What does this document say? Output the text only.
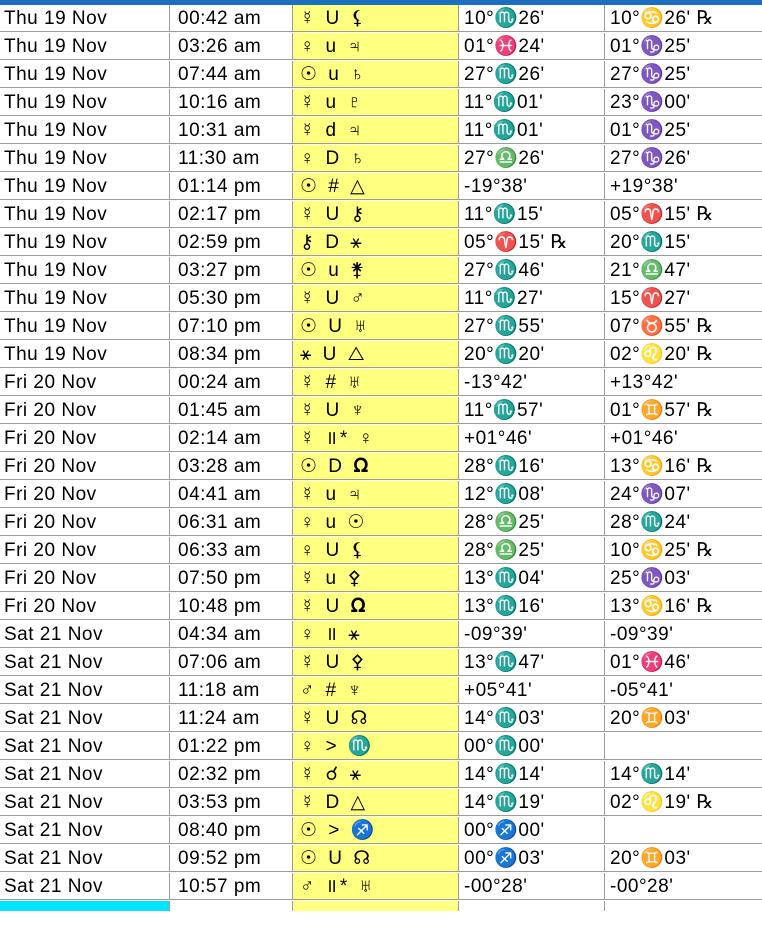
Thu 19 Nov	00:42 am	☿ U ⚸	10°♏26'	10°♋26' ℞
Thu 19 Nov	03:26 am	♀ u ♃	01°♓24'	01°♑25'
Thu 19 Nov	07:44 am	☉ u ♄	27°♏26'	27°♑25'
Thu 19 Nov	10:16 am	☿ u ♇	11°♏01'	23°♑00'
Thu 19 Nov	10:31 am	☿ d ♃	11°♏01'	01°♑25'
Thu 19 Nov	11:30 am	♀ D ♄	27°♎26'	27°♑26'
Thu 19 Nov	01:14 pm	☉ # △	-19°38'	+19°38'
Thu 19 Nov	02:17 pm	☿ U ⚷	11°♏15'	05°♈15' ℞
Thu 19 Nov	02:59 pm	⚷ D ⚹	05°♈15' ℞	20°♏15'
Thu 19 Nov	03:27 pm	☉ u ⚵	27°♏46'	21°♎47'
Thu 19 Nov	05:30 pm	☿ U ♂	11°♏27'	15°♈27'
Thu 19 Nov	07:10 pm	☉ U ♅	27°♏55'	07°♉55' ℞
Thu 19 Nov	08:34 pm	⚹ U △	20°♏20'	02°♌20' ℞
Fri 20 Nov	00:24 am	☿ # ♅	-13°42'	+13°42'
Fri 20 Nov	01:45 am	☿ U ♆	11°♏57'	01°♊57' ℞
Fri 20 Nov	02:14 am	☿ ॥* ♀	+01°46'	+01°46'
Fri 20 Nov	03:28 am	☉ D 𝛀	28°♏16'	13°♋16' ℞
Fri 20 Nov	04:41 am	☿ u ♃	12°♏08'	24°♑07'
Fri 20 Nov	06:31 am	♀ u ☉	28°♎25'	28°♏24'
Fri 20 Nov	06:33 am	♀ U ⚸	28°♎25'	10°♋25' ℞
Fri 20 Nov	07:50 pm	☿ u ⚴	13°♏04'	25°♑03'
Fri 20 Nov	10:48 pm	☿ U 𝛀	13°♏16'	13°♋16' ℞
Sat 21 Nov	04:34 am	♀ ॥ ⚹	-09°39'	-09°39'
Sat 21 Nov	07:06 am	☿ U ⚴	13°♏47'	01°♓46'
Sat 21 Nov	11:18 am	♂ # ♆	+05°41'	-05°41'
Sat 21 Nov	11:24 am	☿ U ☊	14°♏03'	20°♊03'
Sat 21 Nov	01:22 pm	♀ > ♏	00°♏00'
Sat 21 Nov	02:32 pm	☿ ☌ ⚹	14°♏14'	14°♏14'
Sat 21 Nov	03:53 pm	☿ D △	14°♏19'	02°♌19' ℞
Sat 21 Nov	08:40 pm	☉ > ♐	00°♐00'
Sat 21 Nov	09:52 pm	☉ U ☊	00°♐03'	20°♊03'
Sat 21 Nov	10:57 pm	♂ ॥* ♅	-00°28'	-00°28'
